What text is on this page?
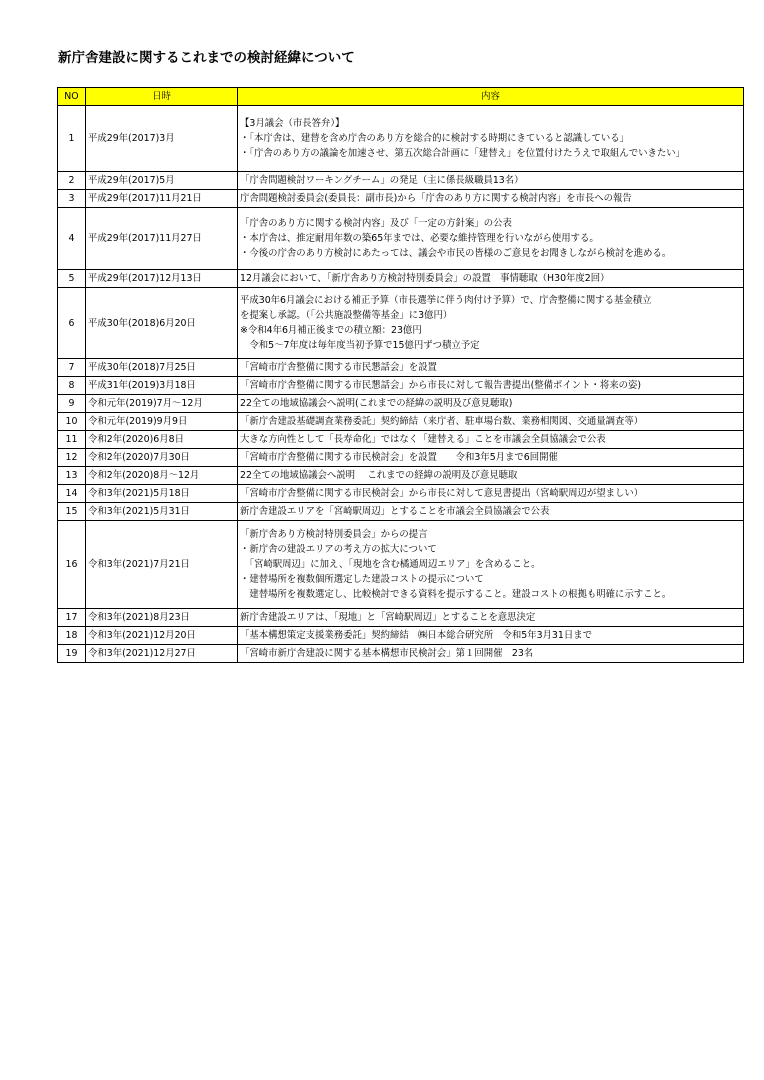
新庁舎建設に関するこれまでの検討経緯について
NO	日時	内容
1	平成29年(2017)3月	【3月議会（市長答弁）】
・「本庁舎は、建替を含め庁舎のあり方を総合的に検討する時期にきていると認識している」
・「庁舎のあり方の議論を加速させ、第五次総合計画に「建替え」を位置付けたうえで取組んでいきたい」

2	平成29年(2017)5月	「庁舎問題検討ワーキングチーム」の発足（主に係長級職員13名）

3	平成29年(2017)11月21日	庁舎問題検討委員会(委員長：副市長)から「庁舎のあり方に関する検討内容」を市長への報告

4	平成29年(2017)11月27日	「庁舎のあり方に関する検討内容」及び「一定の方針案」の公表
・本庁舎は、推定耐用年数の築65年までは、必要な維持管理を行いながら使用する。
・今後の庁舎のあり方検討にあたっては、議会や市民の皆様のご意見をお聞きしながら検討を進める。

5	平成29年(2017)12月13日	12月議会において、「新庁舎あり方検討特別委員会」の設置　事情聴取（H30年度2回）

6	平成30年(2018)6月20日	平成30年6月議会における補正予算（市長選挙に伴う肉付け予算）で、庁舎整備に関する基金積立
を提案し承認。（「公共施設整備等基金」に3億円）
※令和4年6月補正後までの積立額：23億円
　令和5～7年度は毎年度当初予算で15億円ずつ積立予定

7	平成30年(2018)7月25日	「宮崎市庁舎整備に関する市民懇話会」を設置

8	平成31年(2019)3月18日	「宮崎市庁舎整備に関する市民懇話会」から市長に対して報告書提出(整備ポイント・将来の姿)

9	令和元年(2019)7月～12月	22全ての地域協議会へ説明(これまでの経緯の説明及び意見聴取)

10	令和元年(2019)9月9日	「新庁舎建設基礎調査業務委託」契約締結（来庁者、駐車場台数、業務相関図、交通量調査等）

11	令和2年(2020)6月8日	大きな方向性として「長寿命化」ではなく「建替える」ことを市議会全員協議会で公表

12	令和2年(2020)7月30日	「宮崎市庁舎整備に関する市民検討会」を設置　　令和3年5月まで6回開催

13	令和2年(2020)8月～12月	22全ての地域協議会へ説明　 これまでの経緯の説明及び意見聴取

14	令和3年(2021)5月18日	「宮崎市庁舎整備に関する市民検討会」から市長に対して意見書提出（宮崎駅周辺が望ましい）

15	令和3年(2021)5月31日	新庁舎建設エリアを「宮崎駅周辺」とすることを市議会全員協議会で公表

16	令和3年(2021)7月21日	「新庁舎あり方検討特別委員会」からの提言
・新庁舎の建設エリアの考え方の拡大について
　「宮崎駅周辺」に加え、「現地を含む橘通周辺エリア」を含めること。
・建替場所を複数個所選定した建設コストの提示について
　建替場所を複数選定し、比較検討できる資料を提示すること。建設コストの根拠も明確に示すこと。

17	令和3年(2021)8月23日	新庁舎建設エリアは、「現地」と「宮崎駅周辺」とすることを意思決定

18	令和3年(2021)12月20日	「基本構想策定支援業務委託」契約締結　㈱日本総合研究所　令和5年3月31日まで

19	令和3年(2021)12月27日	「宮崎市新庁舎建設に関する基本構想市民検討会」第１回開催　23名
